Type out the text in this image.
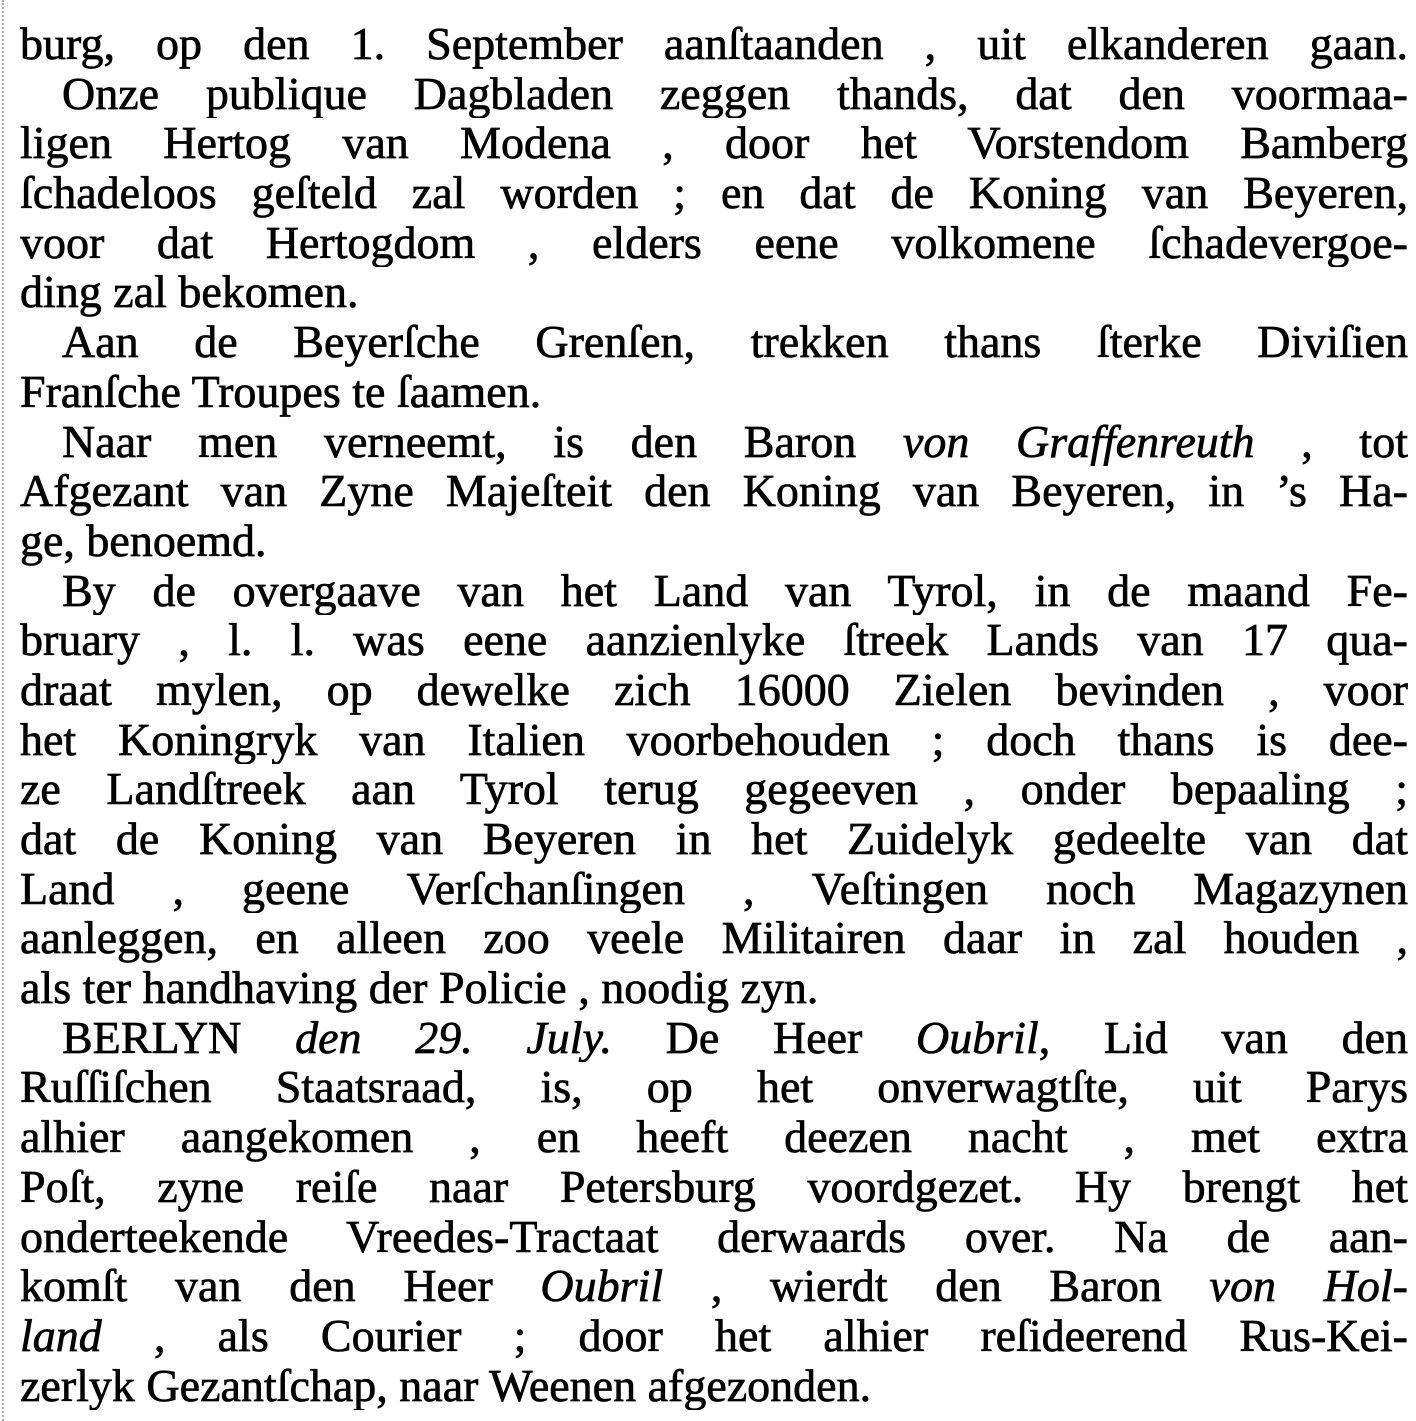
burg, op den 1. September aanſtaanden , uit elkanderen gaan.
Onze publique Dagbladen zeggen thands, dat den voormaa-
ligen Hertog van Modena , door het Vorstendom Bamberg
ſchadeloos geſteld zal worden ; en dat de Koning van Beyeren,
voor dat Hertogdom , elders eene volkomene ſchadevergoe-
ding zal bekomen.
Aan de Beyerſche Grenſen, trekken thans ſterke Diviſien
Franſche Troupes te ſaamen.
Naar men verneemt, is den Baron von Graffenreuth , tot
Afgezant van Zyne Majeſteit den Koning van Beyeren, in ’s Ha-
ge, benoemd.
By de overgaave van het Land van Tyrol, in de maand Fe-
bruary , l. l. was eene aanzienlyke ſtreek Lands van 17 qua-
draat mylen, op dewelke zich 16000 Zielen bevinden , voor
het Koningryk van Italien voorbehouden ; doch thans is dee-
ze Landſtreek aan Tyrol terug gegeeven , onder bepaaling ;
dat de Koning van Beyeren in het Zuidelyk gedeelte van dat
Land , geene Verſchanſingen , Veſtingen noch Magazynen
aanleggen, en alleen zoo veele Militairen daar in zal houden ,
als ter handhaving der Policie , noodig zyn.
BERLYN den 29. July. De Heer Oubril, Lid van den
Ruſſiſchen Staatsraad, is, op het onverwagtſte, uit Parys
alhier aangekomen , en heeft deezen nacht , met extra
Poſt, zyne reiſe naar Petersburg voordgezet. Hy brengt het
onderteekende Vreedes-Tractaat derwaards over. Na de aan-
komſt van den Heer Oubril , wierdt den Baron von Hol-
land , als Courier ; door het alhier reſideerend Rus-Kei-
zerlyk Gezantſchap, naar Weenen afgezonden.
